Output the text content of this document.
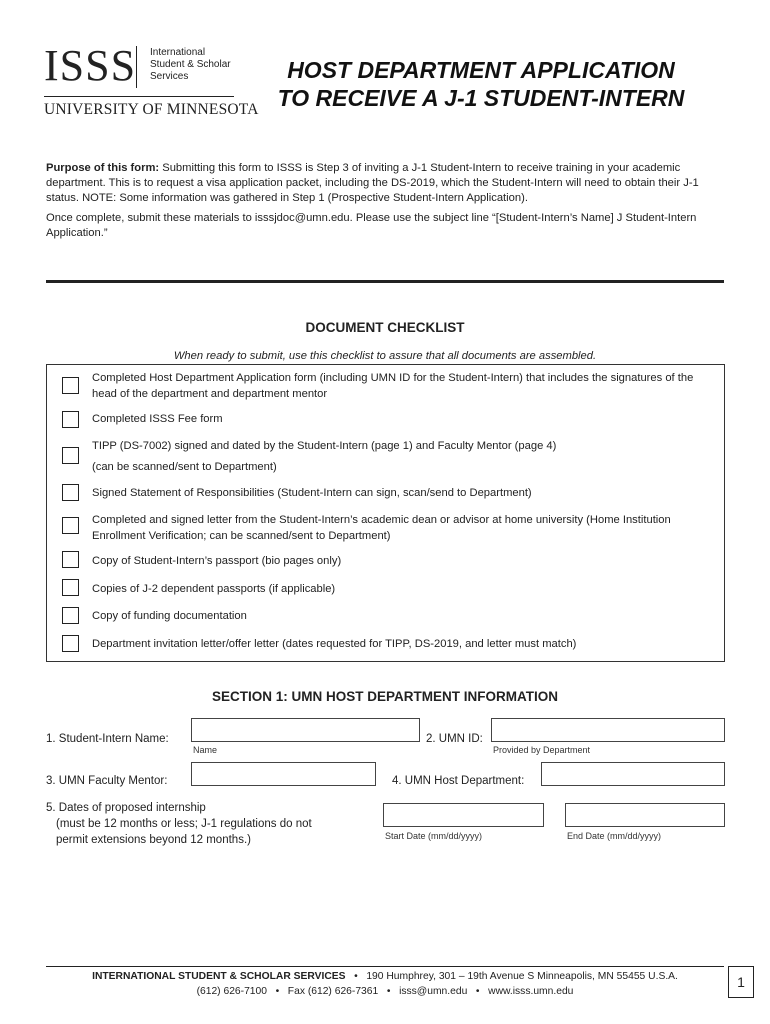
ISSS International
Student & Scholar
Services
UNIVERSITY OF MINNESOTA
HOST DEPARTMENT APPLICATION
TO RECEIVE A J-1 STUDENT-INTERN

Purpose of this form: Submitting this form to ISSS is Step 3 of inviting a J-1 Student-Intern to receive training in your academic department. This is to request a visa application packet, including the DS-2019, which the Student-Intern will need to obtain their J-1 status. NOTE: Some information was gathered in Step 1 (Prospective Student-Intern Application).

Once complete, submit these materials to isssjdoc@umn.edu. Please use the subject line “[Student-Intern’s Name] J Student-Intern Application.”

DOCUMENT CHECKLIST
When ready to submit, use this checklist to assure that all documents are assembled.
Completed Host Department Application form (including UMN ID for the Student-Intern) that includes the signatures of the head of the department and department mentor
Completed ISSS Fee form
TIPP (DS-7002) signed and dated by the Student-Intern (page 1) and Faculty Mentor (page 4)
(can be scanned/sent to Department)
Signed Statement of Responsibilities (Student-Intern can sign, scan/send to Department)
Completed and signed letter from the Student-Intern’s academic dean or advisor at home university (Home Institution Enrollment Verification; can be scanned/sent to Department)
Copy of Student-Intern’s passport (bio pages only)
Copies of J-2 dependent passports (if applicable)
Copy of funding documentation
Department invitation letter/offer letter (dates requested for TIPP, DS-2019, and letter must match)
SECTION 1: UMN HOST DEPARTMENT INFORMATION
1. Student-Intern Name:
Name
2. UMN ID:
Provided by Department
3. UMN Faculty Mentor:	4. UMN Host Department:
5. Dates of proposed internship
(must be 12 months or less; J-1 regulations do not
permit extensions beyond 12 months.)	Start Date (mm/dd/yyyy)	End Date (mm/dd/yyyy)
INTERNATIONAL STUDENT & SCHOLAR SERVICES   •   190 Humphrey, 301 – 19th Avenue S Minneapolis, MN 55455 U.S.A.
(612) 626-7100   •   Fax (612) 626-7361   •   isss@umn.edu   •   www.isss.umn.edu
1
